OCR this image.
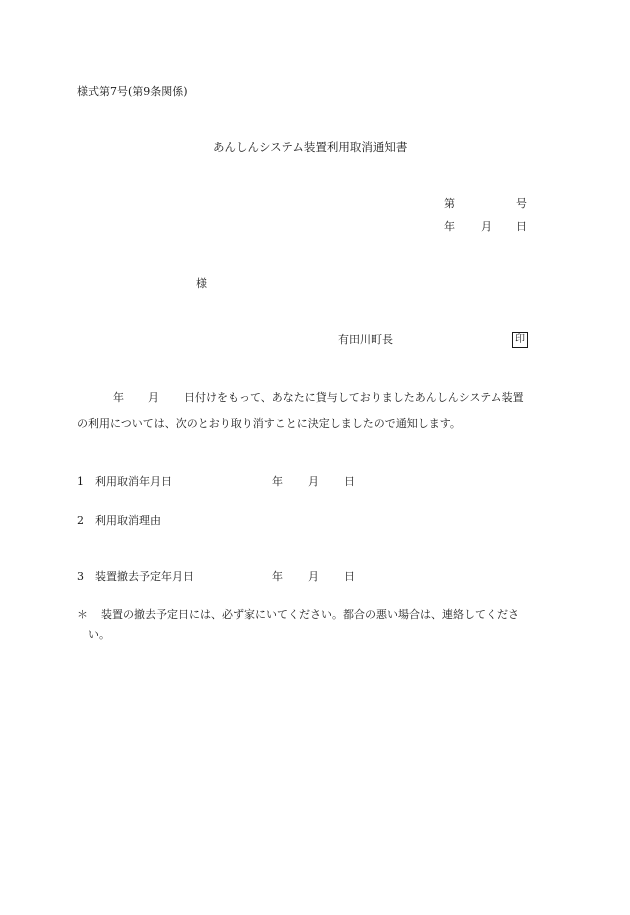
様式第7号(第9条関係)
あんしんシステム装置利用取消通知書
第	号
年 月 日
様
有田川町長	印
年 月 日付けをもって、あなたに貸与しておりましたあんしんシステム装置
の利用については、次のとおり取り消すことに決定しましたので通知します。
1　利用取消年月日	年 月 日
2　利用取消理由
3　装置撤去予定年月日	年 月 日
＊ 装置の撤去予定日には、必ず家にいてください。都合の悪い場合は、連絡してくださ
い。
